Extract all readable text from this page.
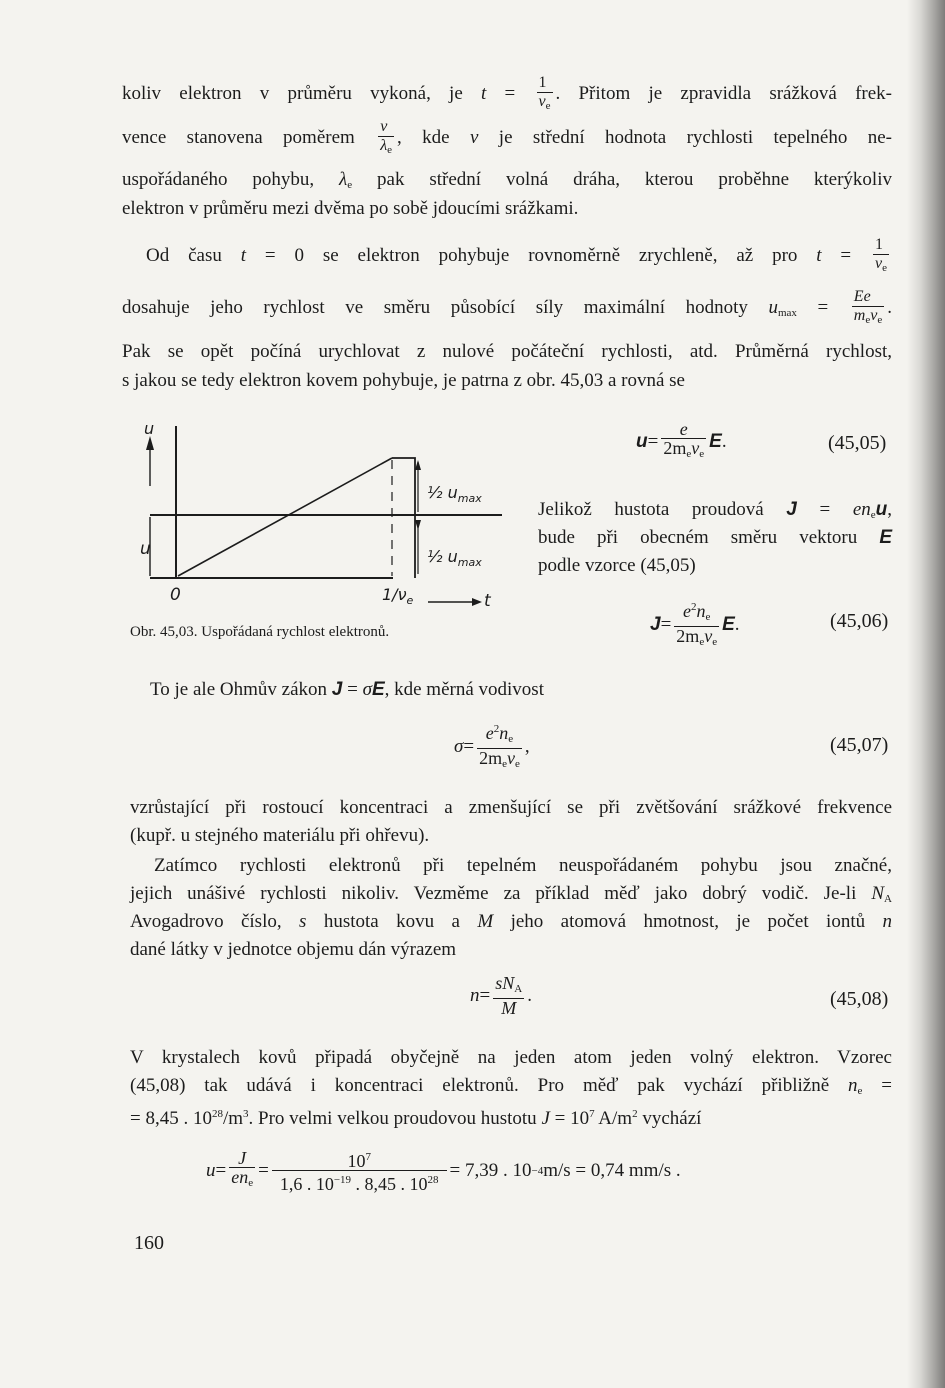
koliv elektron v průměru vykoná, je $t = \frac{1}{\nu_e}$ . Přitom je zpravidla srážková frek-
vence stanovena poměrem $\frac{v}{\lambda_e}$ , kde v je střední hodnota rychlosti tepelného ne-
uspořádaného pohybu, $\lambda_e$ pak střední volná dráha, kterou proběhne kterýkoliv
elektron v průměru mezi dvěma po sobě jdoucími srážkami.
Od času t = 0 se elektron pohybuje rovnoměrně zrychleně, až pro $t = \frac{1}{\nu_e}$
dosahuje jeho rychlost ve směru působící síly maximální hodnoty $u_{max} = \frac{Ee}{m_e\nu_e}$ .
Pak se opět počíná urychlovat z nulové počáteční rychlosti, atd. Průměrná rychlost,
s jakou se tedy elektron kovem pohybuje, je patrna z obr. 45,03 a rovná se
u
u
0
½ $u_{max}$
½ $u_{max}$
$1/\nu_e$	t
Obr. 45,03. Uspořádaná rychlost elektronů.
$u = \frac{e}{2m_e\nu_e}$ E .	(45,05)
Jelikož hustota proudová $J = en_eu$,
bude při obecném směru vektoru E
podle vzorce (45,05)
$J = \frac{e^2n_e}{2m_e\nu_e}$ E .	(45,06)
To je ale Ohmův zákon J = σE, kde měrná vodivost
$\sigma = \frac{e^2n_e}{2m_e\nu_e}$ ,	(45,07)
vzrůstající při rostoucí koncentraci a zmenšující se při zvětšování srážkové frekvence
(kupř. u stejného materiálu při ohřevu).
Zatímco rychlosti elektronů při tepelném neuspořádaném pohybu jsou značné,
jejich unášivé rychlosti nikoliv. Vezměme za příklad měď jako dobrý vodič. Je-li $N_A$
Avogadrovo číslo, s hustota kovu a M jeho atomová hmotnost, je počet iontů n
dané látky v jednotce objemu dán výrazem
$n = \frac{sN_A}{M}$ .	(45,08)
V krystalech kovů připadá obyčejně na jeden atom jeden volný elektron. Vzorec
(45,08) tak udává i koncentraci elektronů. Pro měď pak vychází přibližně $n_e$ =
= 8,45 . $10^{28}/m^3$. Pro velmi velkou proudovou hustotu $J = 10^7$ $A/m^2$ vychází
$u = \frac{J}{en_e} = \frac{10^7}{1,6 . 10^{-19} . 8,45 . 10^{28}} = 7,39$ . 10 −4 m/s = 0,74 mm/s .
160
